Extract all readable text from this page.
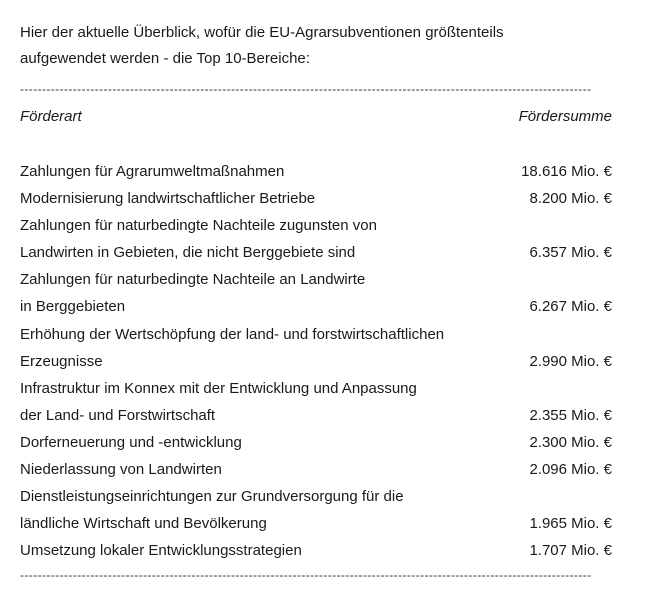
Hier der aktuelle Überblick, wofür die EU-Agrarsubventionen größtenteils
aufgewendet werden - die Top 10-Bereiche:
----------------------------------------------------------------------------------------------------------------------------------
Förderart	Fördersumme
Zahlungen für Agrarumweltmaßnahmen	18.616 Mio. €
Modernisierung landwirtschaftlicher Betriebe	8.200 Mio. €
Zahlungen für naturbedingte Nachteile zugunsten von
Landwirten in Gebieten, die nicht Berggebiete sind	6.357 Mio. €
Zahlungen für naturbedingte Nachteile an Landwirte
in Berggebieten	6.267 Mio. €
Erhöhung der Wertschöpfung der land- und forstwirtschaftlichen
Erzeugnisse	2.990 Mio. €
Infrastruktur im Konnex mit der Entwicklung und Anpassung
der Land- und Forstwirtschaft	2.355 Mio. €
Dorferneuerung und -entwicklung	2.300 Mio. €
Niederlassung von Landwirten	2.096 Mio. €
Dienstleistungseinrichtungen zur Grundversorgung für die
ländliche Wirtschaft und Bevölkerung	1.965 Mio. €
Umsetzung lokaler Entwicklungsstrategien	1.707 Mio. €
----------------------------------------------------------------------------------------------------------------------------------
